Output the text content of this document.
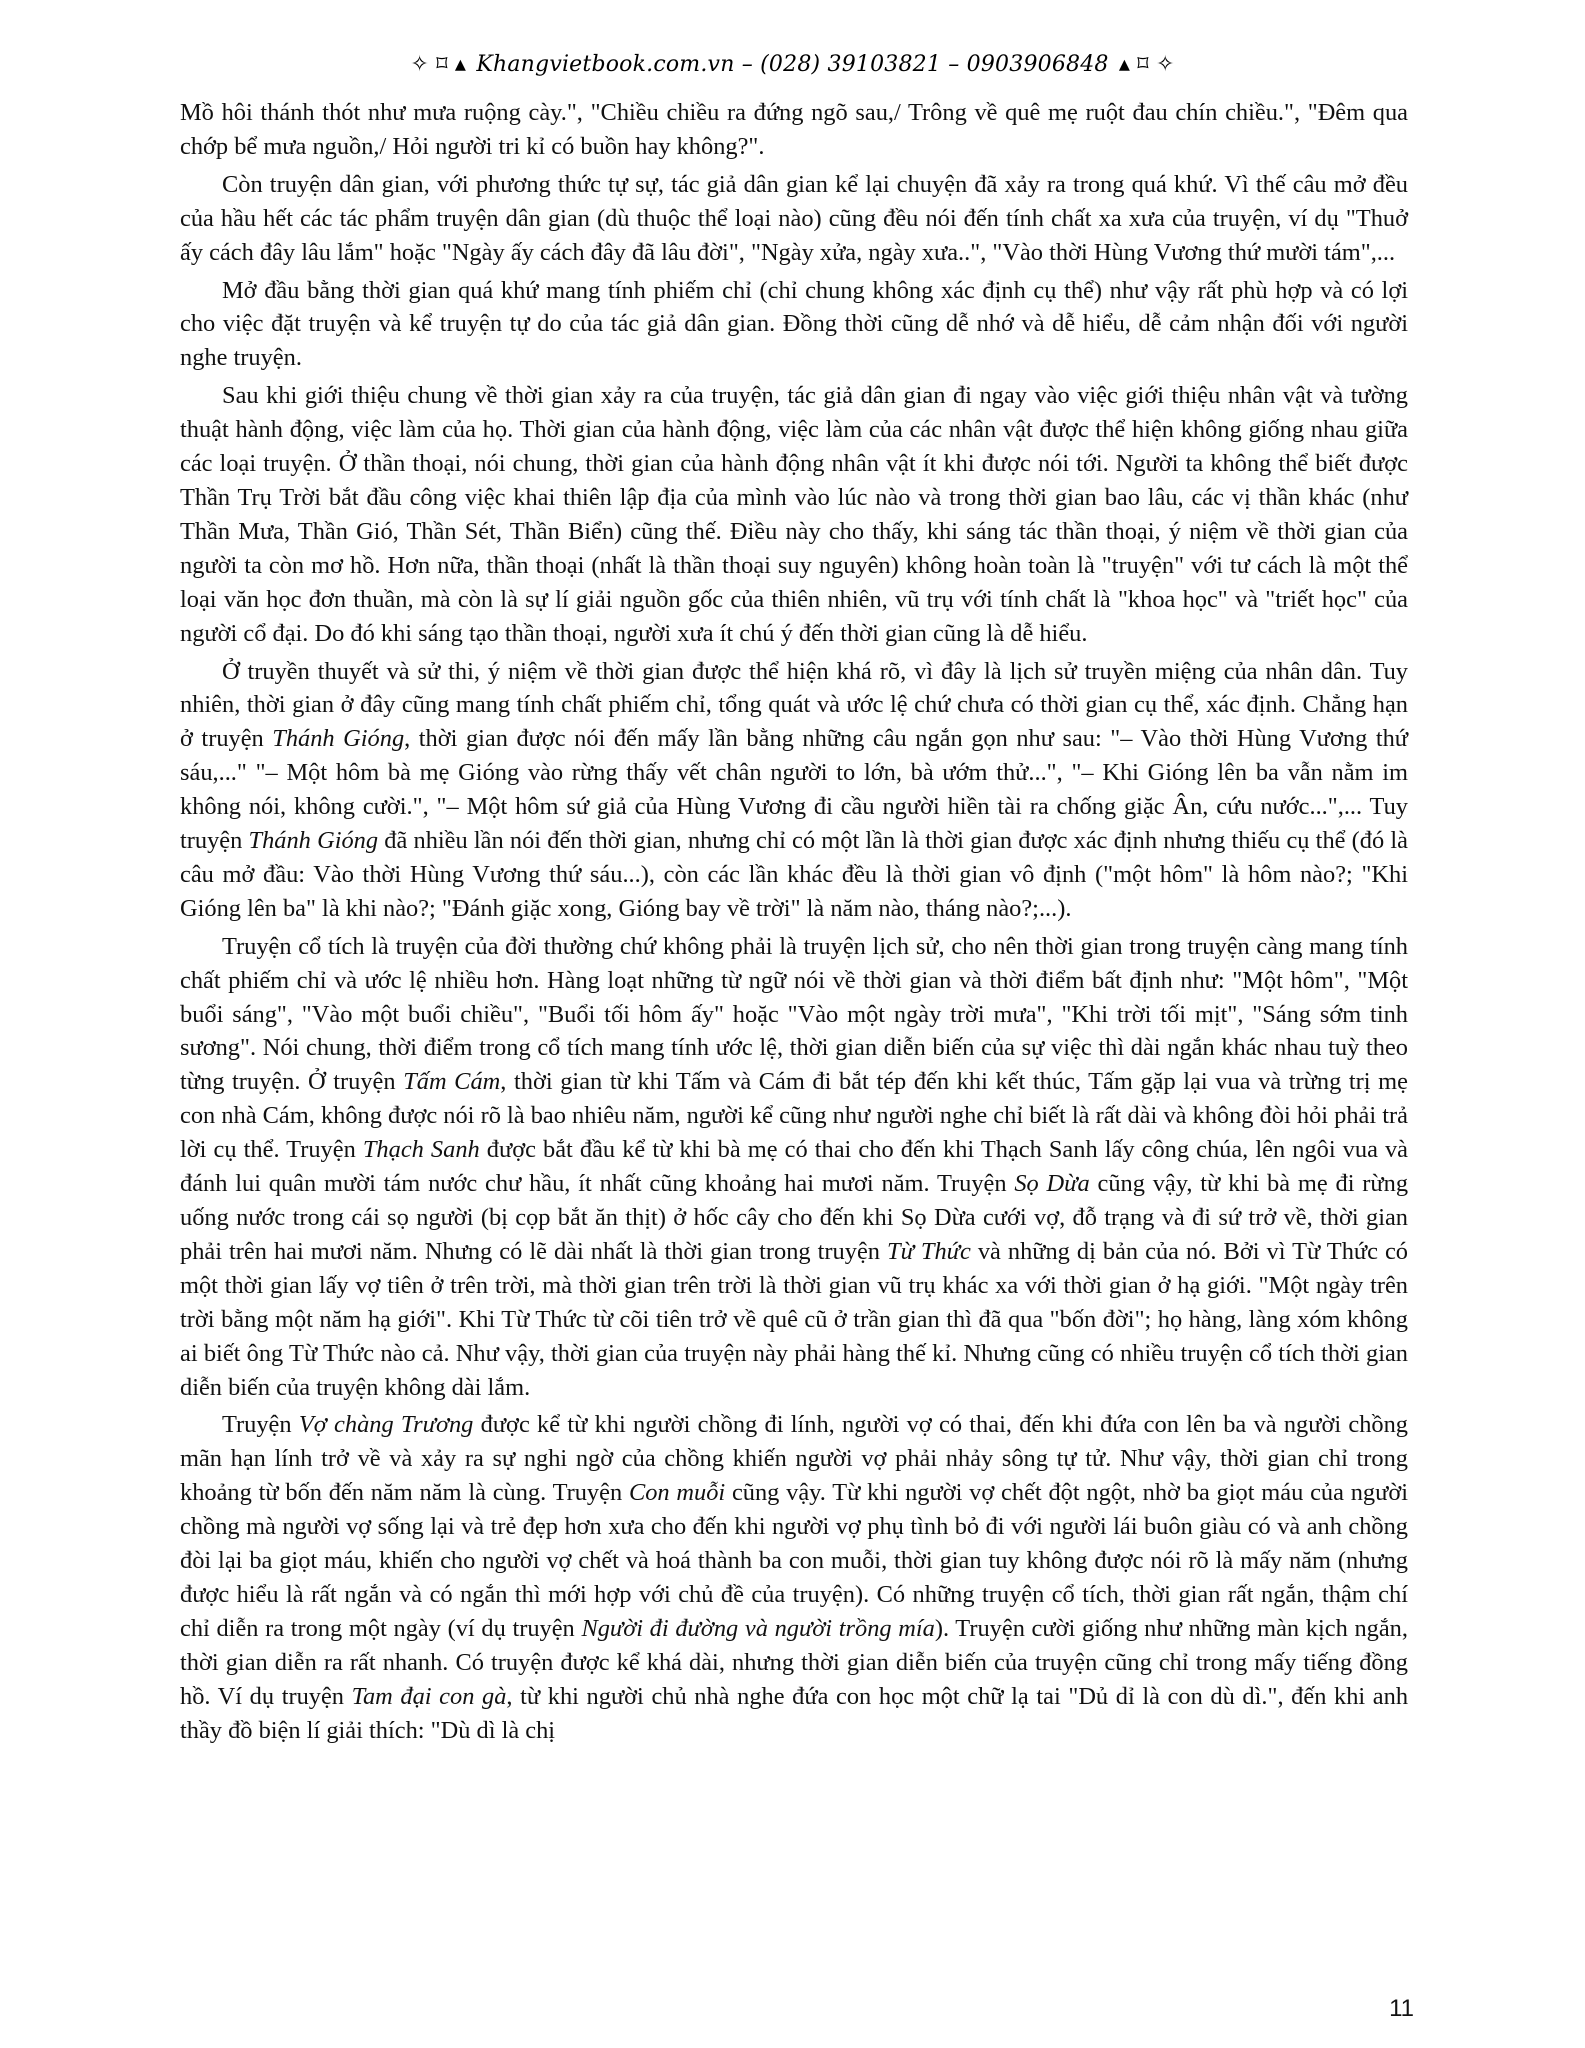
✧ ⌑ ▴ Khangvietbook.com.vn – (028) 39103821 – 0903906848 ▴ ⌑ ✧

Mồ hôi thánh thót như mưa ruộng cày.", "Chiều chiều ra đứng ngõ sau,/ Trông về quê mẹ ruột đau chín chiều.", "Đêm qua chớp bể mưa nguồn,/ Hỏi người tri kỉ có buồn hay không?".

Còn truyện dân gian, với phương thức tự sự, tác giả dân gian kể lại chuyện đã xảy ra trong quá khứ. Vì thế câu mở đều của hầu hết các tác phẩm truyện dân gian (dù thuộc thể loại nào) cũng đều nói đến tính chất xa xưa của truyện, ví dụ "Thuở ấy cách đây lâu lắm" hoặc "Ngày ấy cách đây đã lâu đời", "Ngày xửa, ngày xưa..", "Vào thời Hùng Vương thứ mười tám",...

Mở đầu bằng thời gian quá khứ mang tính phiếm chỉ (chỉ chung không xác định cụ thể) như vậy rất phù hợp và có lợi cho việc đặt truyện và kể truyện tự do của tác giả dân gian. Đồng thời cũng dễ nhớ và dễ hiểu, dễ cảm nhận đối với người nghe truyện.

Sau khi giới thiệu chung về thời gian xảy ra của truyện, tác giả dân gian đi ngay vào việc giới thiệu nhân vật và tường thuật hành động, việc làm của họ. Thời gian của hành động, việc làm của các nhân vật được thể hiện không giống nhau giữa các loại truyện. Ở thần thoại, nói chung, thời gian của hành động nhân vật ít khi được nói tới. Người ta không thể biết được Thần Trụ Trời bắt đầu công việc khai thiên lập địa của mình vào lúc nào và trong thời gian bao lâu, các vị thần khác (như Thần Mưa, Thần Gió, Thần Sét, Thần Biển) cũng thế. Điều này cho thấy, khi sáng tác thần thoại, ý niệm về thời gian của người ta còn mơ hồ. Hơn nữa, thần thoại (nhất là thần thoại suy nguyên) không hoàn toàn là "truyện" với tư cách là một thể loại văn học đơn thuần, mà còn là sự lí giải nguồn gốc của thiên nhiên, vũ trụ với tính chất là "khoa học" và "triết học" của người cổ đại. Do đó khi sáng tạo thần thoại, người xưa ít chú ý đến thời gian cũng là dễ hiểu.

Ở truyền thuyết và sử thi, ý niệm về thời gian được thể hiện khá rõ, vì đây là lịch sử truyền miệng của nhân dân. Tuy nhiên, thời gian ở đây cũng mang tính chất phiếm chỉ, tổng quát và ước lệ chứ chưa có thời gian cụ thể, xác định. Chẳng hạn ở truyện Thánh Gióng, thời gian được nói đến mấy lần bằng những câu ngắn gọn như sau: "– Vào thời Hùng Vương thứ sáu,..." "– Một hôm bà mẹ Gióng vào rừng thấy vết chân người to lớn, bà ướm thử...", "– Khi Gióng lên ba vẫn nằm im không nói, không cười.", "– Một hôm sứ giả của Hùng Vương đi cầu người hiền tài ra chống giặc Ân, cứu nước...",... Tuy truyện Thánh Gióng đã nhiều lần nói đến thời gian, nhưng chỉ có một lần là thời gian được xác định nhưng thiếu cụ thể (đó là câu mở đầu: Vào thời Hùng Vương thứ sáu...), còn các lần khác đều là thời gian vô định ("một hôm" là hôm nào?; "Khi Gióng lên ba" là khi nào?; "Đánh giặc xong, Gióng bay về trời" là năm nào, tháng nào?;...).

Truyện cổ tích là truyện của đời thường chứ không phải là truyện lịch sử, cho nên thời gian trong truyện càng mang tính chất phiếm chỉ và ước lệ nhiều hơn. Hàng loạt những từ ngữ nói về thời gian và thời điểm bất định như: "Một hôm", "Một buổi sáng", "Vào một buổi chiều", "Buổi tối hôm ấy" hoặc "Vào một ngày trời mưa", "Khi trời tối mịt", "Sáng sớm tinh sương". Nói chung, thời điểm trong cổ tích mang tính ước lệ, thời gian diễn biến của sự việc thì dài ngắn khác nhau tuỳ theo từng truyện. Ở truyện Tấm Cám, thời gian từ khi Tấm và Cám đi bắt tép đến khi kết thúc, Tấm gặp lại vua và trừng trị mẹ con nhà Cám, không được nói rõ là bao nhiêu năm, người kể cũng như người nghe chỉ biết là rất dài và không đòi hỏi phải trả lời cụ thể. Truyện Thạch Sanh được bắt đầu kể từ khi bà mẹ có thai cho đến khi Thạch Sanh lấy công chúa, lên ngôi vua và đánh lui quân mười tám nước chư hầu, ít nhất cũng khoảng hai mươi năm. Truyện Sọ Dừa cũng vậy, từ khi bà mẹ đi rừng uống nước trong cái sọ người (bị cọp bắt ăn thịt) ở hốc cây cho đến khi Sọ Dừa cưới vợ, đỗ trạng và đi sứ trở về, thời gian phải trên hai mươi năm. Nhưng có lẽ dài nhất là thời gian trong truyện Từ Thức và những dị bản của nó. Bởi vì Từ Thức có một thời gian lấy vợ tiên ở trên trời, mà thời gian trên trời là thời gian vũ trụ khác xa với thời gian ở hạ giới. "Một ngày trên trời bằng một năm hạ giới". Khi Từ Thức từ cõi tiên trở về quê cũ ở trần gian thì đã qua "bốn đời"; họ hàng, làng xóm không ai biết ông Từ Thức nào cả. Như vậy, thời gian của truyện này phải hàng thế kỉ. Nhưng cũng có nhiều truyện cổ tích thời gian diễn biến của truyện không dài lắm.

Truyện Vợ chàng Trương được kể từ khi người chồng đi lính, người vợ có thai, đến khi đứa con lên ba và người chồng mãn hạn lính trở về và xảy ra sự nghi ngờ của chồng khiến người vợ phải nhảy sông tự tử. Như vậy, thời gian chỉ trong khoảng từ bốn đến năm năm là cùng. Truyện Con muỗi cũng vậy. Từ khi người vợ chết đột ngột, nhờ ba giọt máu của người chồng mà người vợ sống lại và trẻ đẹp hơn xưa cho đến khi người vợ phụ tình bỏ đi với người lái buôn giàu có và anh chồng đòi lại ba giọt máu, khiến cho người vợ chết và hoá thành ba con muỗi, thời gian tuy không được nói rõ là mấy năm (nhưng được hiểu là rất ngắn và có ngắn thì mới hợp với chủ đề của truyện). Có những truyện cổ tích, thời gian rất ngắn, thậm chí chỉ diễn ra trong một ngày (ví dụ truyện Người đi đường và người trồng mía). Truyện cười giống như những màn kịch ngắn, thời gian diễn ra rất nhanh. Có truyện được kể khá dài, nhưng thời gian diễn biến của truyện cũng chỉ trong mấy tiếng đồng hồ. Ví dụ truyện Tam đại con gà, từ khi người chủ nhà nghe đứa con học một chữ lạ tai "Dủ dỉ là con dù dì.", đến khi anh thầy đồ biện lí giải thích: "Dù dì là chị

11
